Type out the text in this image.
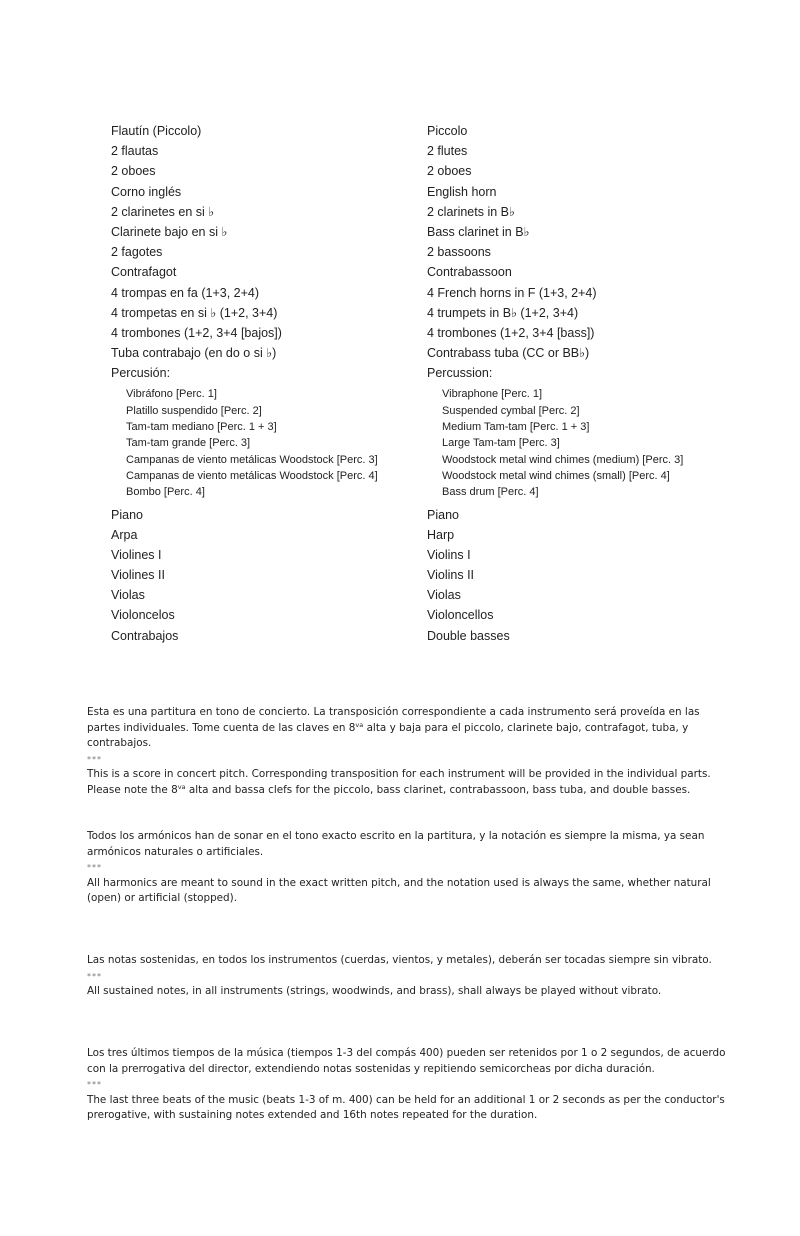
Flautín (Piccolo)
2 flautas
2 oboes
Corno inglés
2 clarinetes en si ♭
Clarinete bajo en si ♭
2 fagotes
Contrafagot
4 trompas en fa (1+3, 2+4)
4 trompetas en si ♭ (1+2, 3+4)
4 trombones (1+2, 3+4 [bajos])
Tuba contrabajo (en do o si ♭)
Percusión:
Vibráfono [Perc. 1]
Platillo suspendido [Perc. 2]
Tam-tam mediano [Perc. 1 + 3]
Tam-tam grande [Perc. 3]
Campanas de viento metálicas Woodstock [Perc. 3]
Campanas de viento metálicas Woodstock [Perc. 4]
Bombo [Perc. 4]
Piano
Arpa
Violines I
Violines II
Violas
Violoncelos
Contrabajos
Piccolo
2 flutes
2 oboes
English horn
2 clarinets in B♭
Bass clarinet in B♭
2 bassoons
Contrabassoon
4 French horns in F (1+3, 2+4)
4 trumpets in B♭ (1+2, 3+4)
4 trombones (1+2, 3+4 [bass])
Contrabass tuba (CC or BB♭)
Percussion:
Vibraphone [Perc. 1]
Suspended cymbal [Perc. 2]
Medium Tam-tam [Perc. 1 + 3]
Large Tam-tam [Perc. 3]
Woodstock metal wind chimes (medium) [Perc. 3]
Woodstock metal wind chimes (small) [Perc. 4]
Bass drum [Perc. 4]
Piano
Harp
Violins I
Violins II
Violas
Violoncellos
Double basses

Esta es una partitura en tono de concierto. La transposición correspondiente a cada instrumento será proveída en las partes individuales. Tome cuenta de las claves en $8^{va}$ alta y baja para el piccolo, clarinete bajo, contrafagot, tuba, y contrabajos.

***

This is a score in concert pitch. Corresponding transposition for each instrument will be provided in the individual parts. Please note the $8^{va}$ alta and bassa clefs for the piccolo, bass clarinet, contrabassoon, bass tuba, and double basses.

Todos los armónicos han de sonar en el tono exacto escrito en la partitura, y la notación es siempre la misma, ya sean armónicos naturales o artificiales.

***

All harmonics are meant to sound in the exact written pitch, and the notation used is always the same, whether natural (open) or artificial (stopped).

Las notas sostenidas, en todos los instrumentos (cuerdas, vientos, y metales), deberán ser tocadas siempre sin vibrato.

***

All sustained notes, in all instruments (strings, woodwinds, and brass), shall always be played without vibrato.

Los tres últimos tiempos de la música (tiempos 1-3 del compás 400) pueden ser retenidos por 1 o 2 segundos, de acuerdo con la prerrogativa del director, extendiendo notas sostenidas y repitiendo semicorcheas por dicha duración.

***

The last three beats of the music (beats 1-3 of m. 400) can be held for an additional 1 or 2 seconds as per the conductor's prerogative, with sustaining notes extended and 16th notes repeated for the duration.
